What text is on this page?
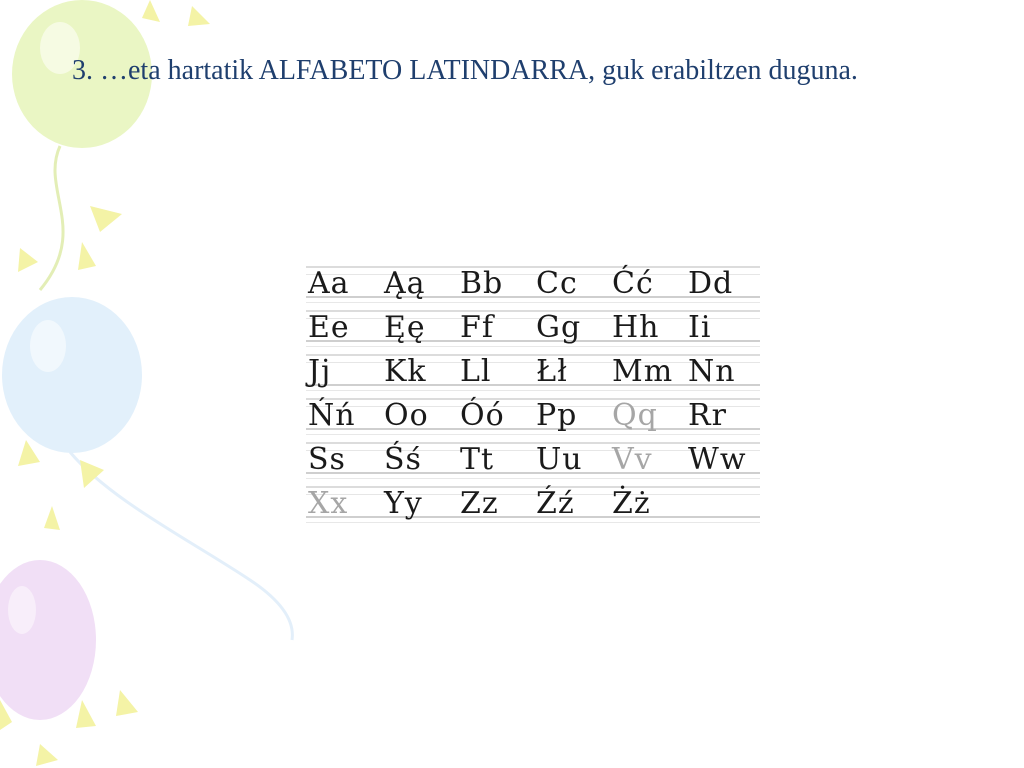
3. …eta hartatik ALFABETO LATINDARRA, guk erabiltzen duguna.
Aa Ąą Bb Cc Ćć Dd
Ee Ęę Ff Gg Hh Ii
Jj Kk Ll Łł Mm Nn
Ńń Oo Óó Pp Qq Rr
Ss Śś Tt Uu Vv Ww
Xx Yy Zz Źź Żż
